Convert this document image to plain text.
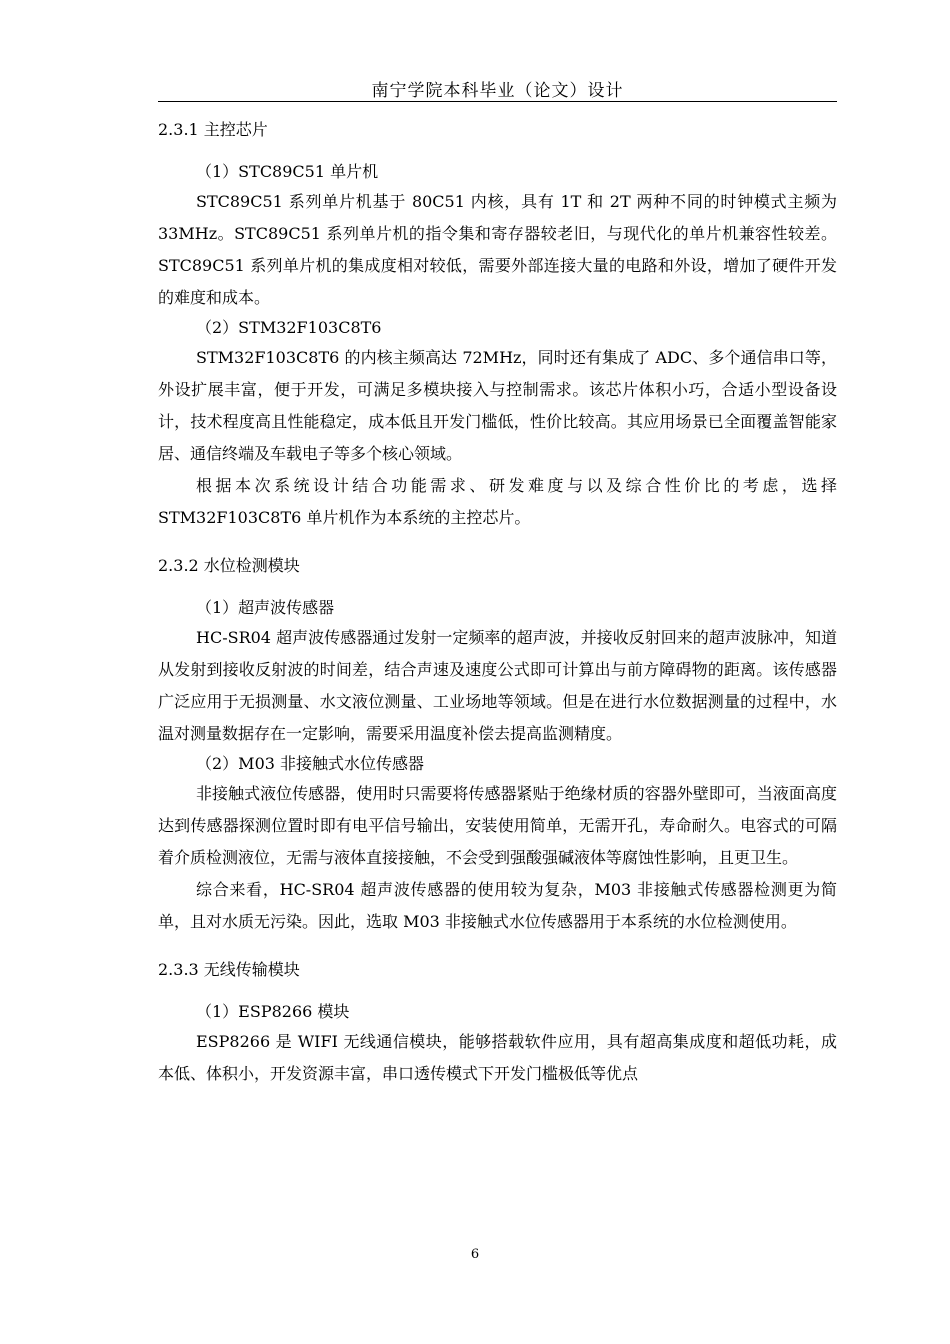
南宁学院本科毕业（论文）设计
2.3.1 主控芯片
（1）STC89C51 单片机

STC89C51 系列单片机基于 80C51 内核，具有 1T 和 2T 两种不同的时钟模式主频为 33MHz。STC89C51 系列单片机的指令集和寄存器较老旧，与现代化的单片机兼容性较差。STC89C51 系列单片机的集成度相对较低，需要外部连接大量的电路和外设，增加了硬件开发的难度和成本。

（2）STM32F103C8T6

STM32F103C8T6 的内核主频高达 72MHz，同时还有集成了 ADC、多个通信串口等，外设扩展丰富，便于开发，可满足多模块接入与控制需求。该芯片体积小巧，合适小型设备设计，技术程度高且性能稳定，成本低且开发门槛低，性价比较高。其应用场景已全面覆盖智能家居、通信终端及车载电子等多个核心领域。

根据本次系统设计结合功能需求、研发难度与以及综合性价比的考虑，选择 STM32F103C8T6 单片机作为本系统的主控芯片。

2.3.2 水位检测模块
（1）超声波传感器

HC-SR04 超声波传感器通过发射一定频率的超声波，并接收反射回来的超声波脉冲，知道从发射到接收反射波的时间差，结合声速及速度公式即可计算出与前方障碍物的距离。该传感器广泛应用于无损测量、水文液位测量、工业场地等领域。但是在进行水位数据测量的过程中，水温对测量数据存在一定影响，需要采用温度补偿去提高监测精度。

（2）M03 非接触式水位传感器

非接触式液位传感器，使用时只需要将传感器紧贴于绝缘材质的容器外壁即可，当液面高度达到传感器探测位置时即有电平信号输出，安装使用简单，无需开孔，寿命耐久。电容式的可隔着介质检测液位，无需与液体直接接触，不会受到强酸强碱液体等腐蚀性影响，且更卫生。

综合来看，HC-SR04 超声波传感器的使用较为复杂，M03 非接触式传感器检测更为简单，且对水质无污染。因此，选取 M03 非接触式水位传感器用于本系统的水位检测使用。

2.3.3 无线传输模块
（1）ESP8266 模块

ESP8266 是 WIFI 无线通信模块，能够搭载软件应用，具有超高集成度和超低功耗，成本低、体积小，开发资源丰富，串口透传模式下开发门槛极低等优点

6
